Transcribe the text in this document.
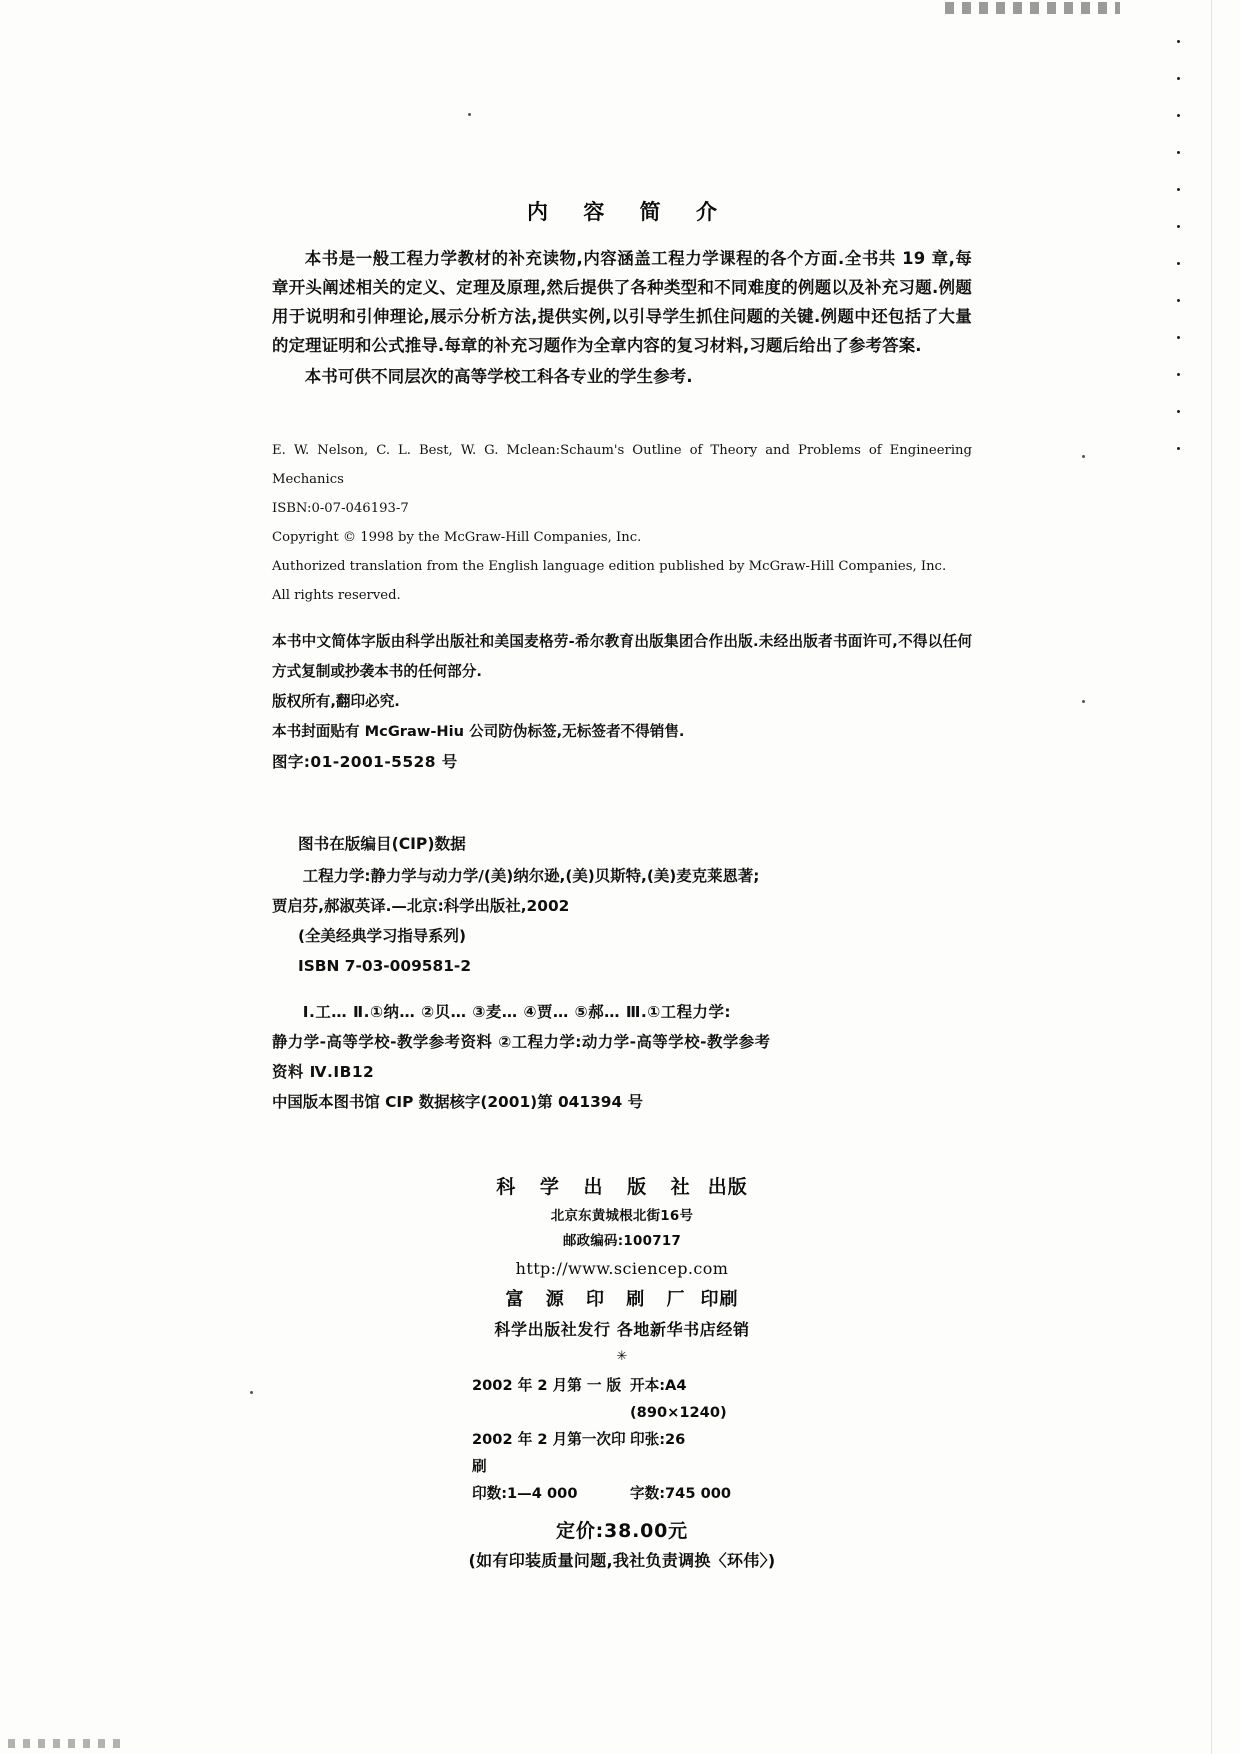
内 容 简 介

本书是一般工程力学教材的补充读物,内容涵盖工程力学课程的各个方面.全书共 19 章,每章开头阐述相关的定义、定理及原理,然后提供了各种类型和不同难度的例题以及补充习题.例题用于说明和引伸理论,展示分析方法,提供实例,以引导学生抓住问题的关键.例题中还包括了大量的定理证明和公式推导.每章的补充习题作为全章内容的复习材料,习题后给出了参考答案.

本书可供不同层次的高等学校工科各专业的学生参考.

E. W. Nelson, C. L. Best, W. G. Mclean:Schaum's Outline of Theory and Problems of Engineering Mechanics

ISBN:0-07-046193-7

Copyright © 1998 by the McGraw-Hill Companies, Inc.

Authorized translation from the English language edition published by McGraw-Hill Companies, Inc.

All rights reserved.

本书中文简体字版由科学出版社和美国麦格劳-希尔教育出版集团合作出版.未经出版者书面许可,不得以任何方式复制或抄袭本书的任何部分.

版权所有,翻印必究.

本书封面贴有 McGraw-Hiu 公司防伪标签,无标签者不得销售.

图字:01-2001-5528 号

图书在版编目(CIP)数据

工程力学:静力学与动力学/(美)纳尔逊,(美)贝斯特,(美)麦克莱恩著;

贾启芬,郝淑英译.—北京:科学出版社,2002

(全美经典学习指导系列)

ISBN 7-03-009581-2

Ⅰ.工… Ⅱ.①纳… ②贝… ③麦… ④贾… ⑤郝… Ⅲ.①工程力学:

静力学-高等学校-教学参考资料 ②工程力学:动力学-高等学校-教学参考

资料 Ⅳ.IB12

中国版本图书馆 CIP 数据核字(2001)第 041394 号

科 学 出 版 社 出版
北京东黄城根北街16号
邮政编码:100717
http://www.sciencep.com
富 源 印 刷 厂 印刷
科学出版社发行 各地新华书店经销
✳
2002 年 2 月第 一 版 开本:A4 (890×1240)
2002 年 2 月第一次印刷
印张:26
印数:1—4 000	字数:745 000
定价:38.00元
(如有印装质量问题,我社负责调换〈环伟〉)
